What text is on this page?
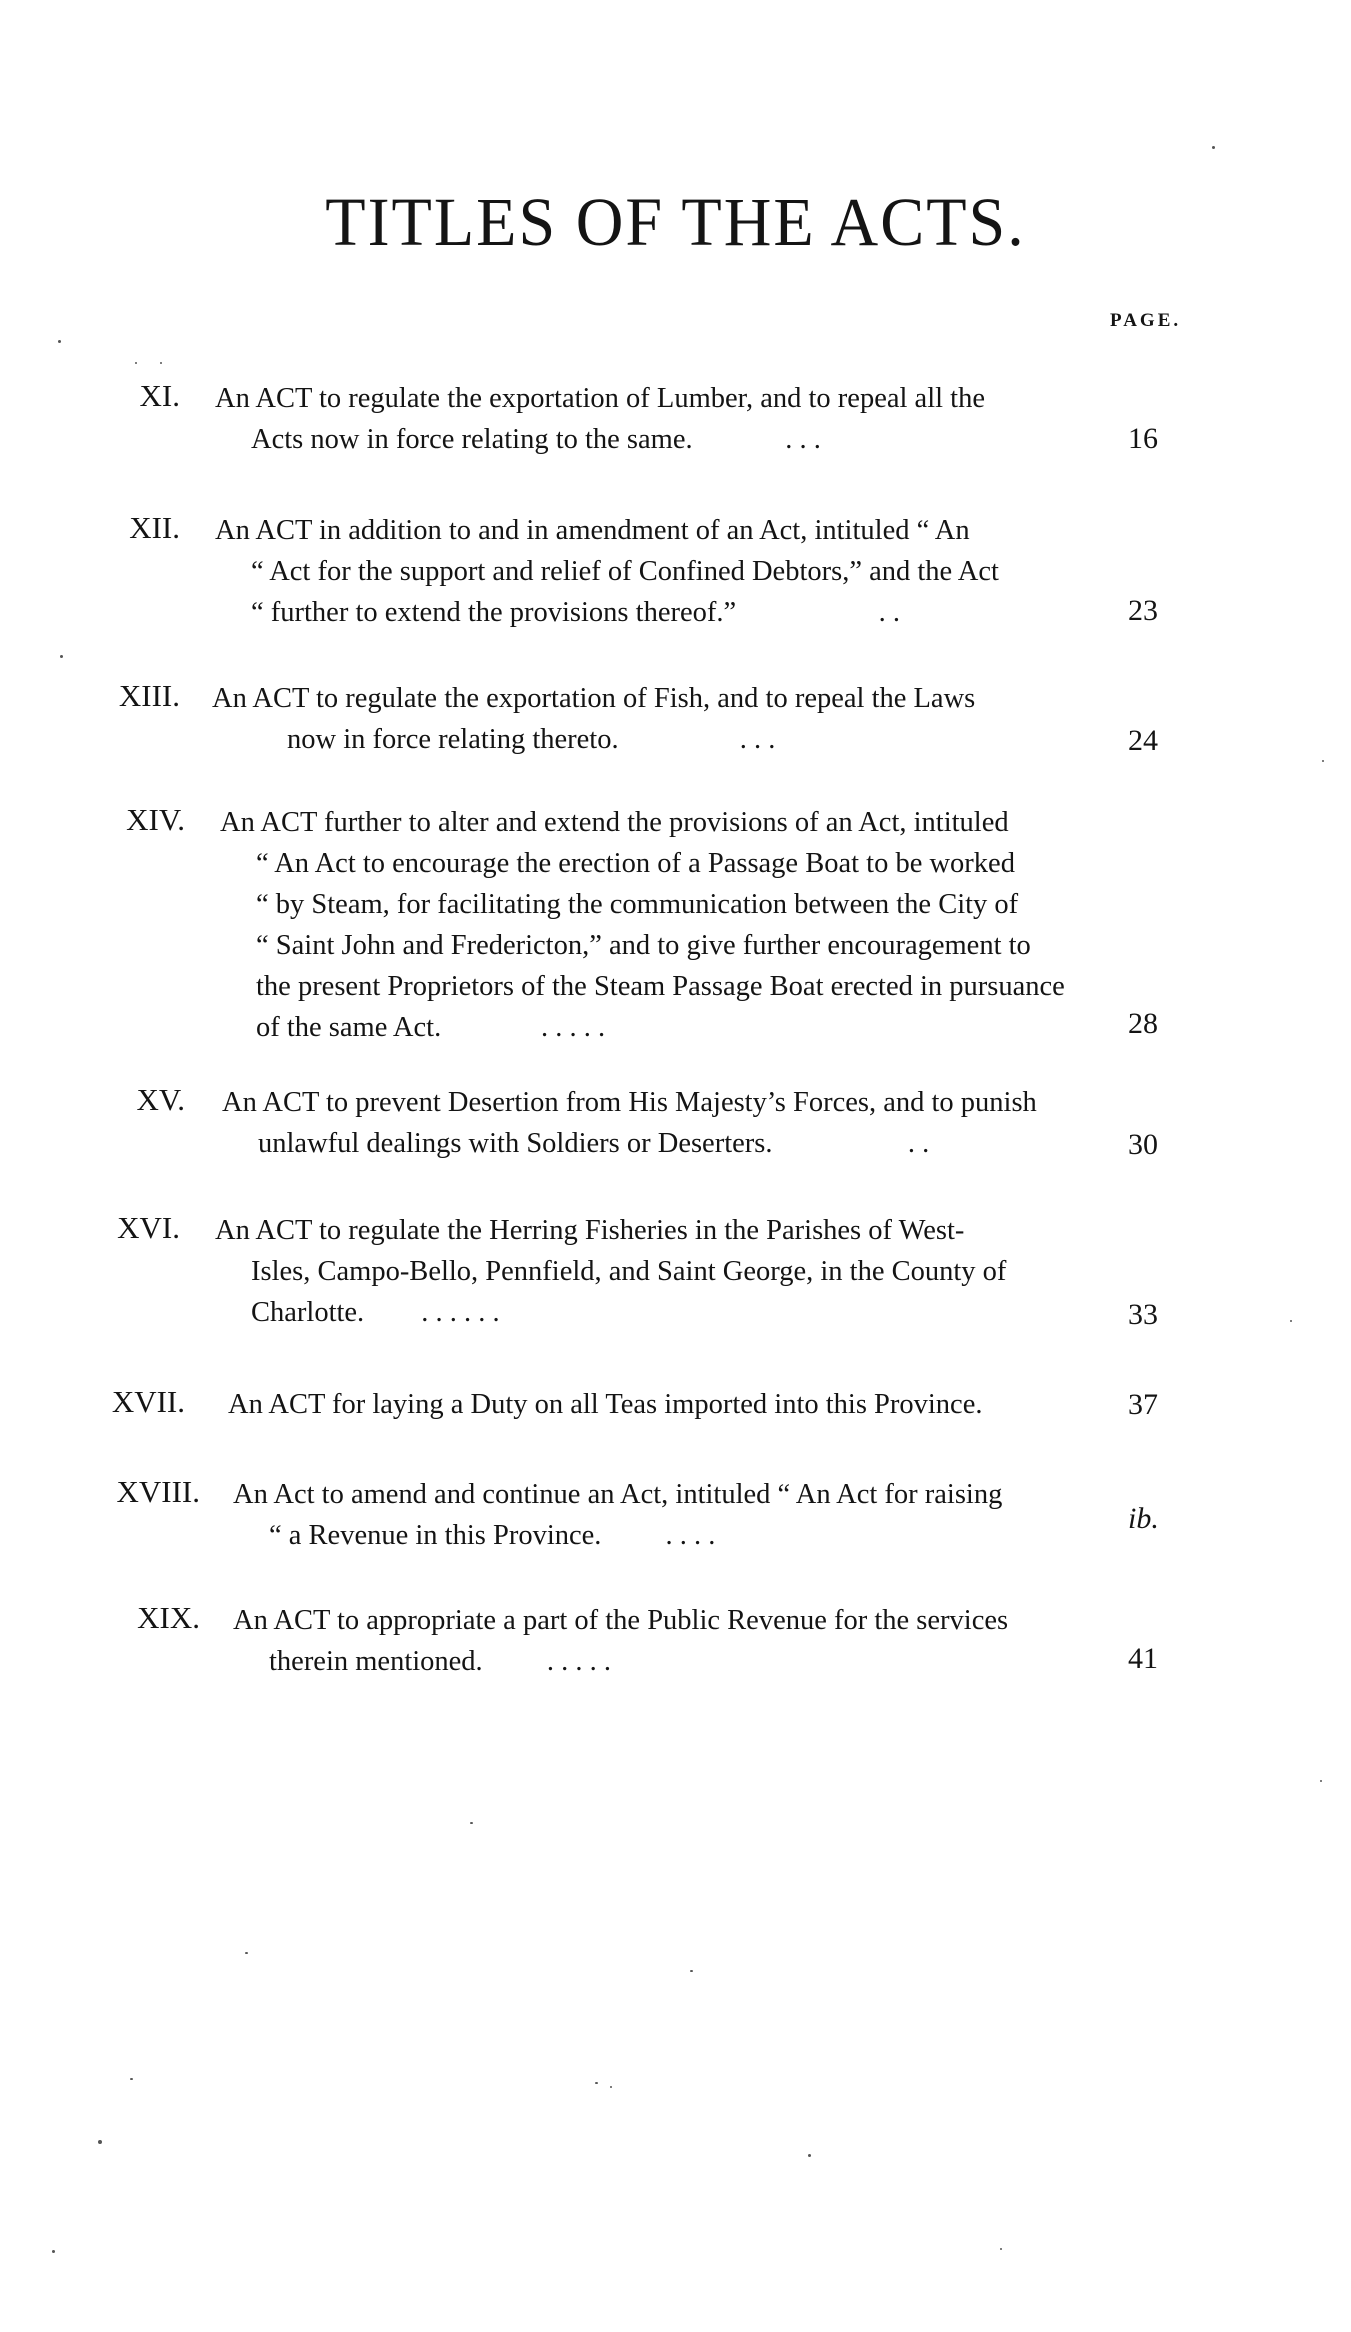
TITLES OF THE ACTS.
PAGE.
XI. An ACT to regulate the exportation of Lumber, and to repeal all the
Acts now in force relating to the same.	. . .	16
XII. An ACT in addition to and in amendment of an Act, intituled “ An
“ Act for the support and relief of Confined Debtors,” and the Act
“ further to extend the provisions thereof.”	. .	23
XIII. An ACT to regulate the exportation of Fish, and to repeal the Laws
now in force relating thereto.	. . .	24
XIV. An ACT further to alter and extend the provisions of an Act, intituled
“ An Act to encourage the erection of a Passage Boat to be worked
“ by Steam, for facilitating the communication between the City of
“ Saint John and Fredericton,” and to give further encouragement to
the present Proprietors of the Steam Passage Boat erected in pursuance
of the same Act.	. . . . .	28
XV. An ACT to prevent Desertion from His Majesty’s Forces, and to punish
unlawful dealings with Soldiers or Deserters.	. .	30
XVI. An ACT to regulate the Herring Fisheries in the Parishes of West-
Isles, Campo-Bello, Pennfield, and Saint George, in the County of
Charlotte. . . . . . .	33
XVII. An ACT for laying a Duty on all Teas imported into this Province.	37
XVIII. An Act to amend and continue an Act, intituled “ An Act for raising
“ a Revenue in this Province. . . . .
ib.
XIX. An ACT to appropriate a part of the Public Revenue for the services
therein mentioned. . . . . .	41
